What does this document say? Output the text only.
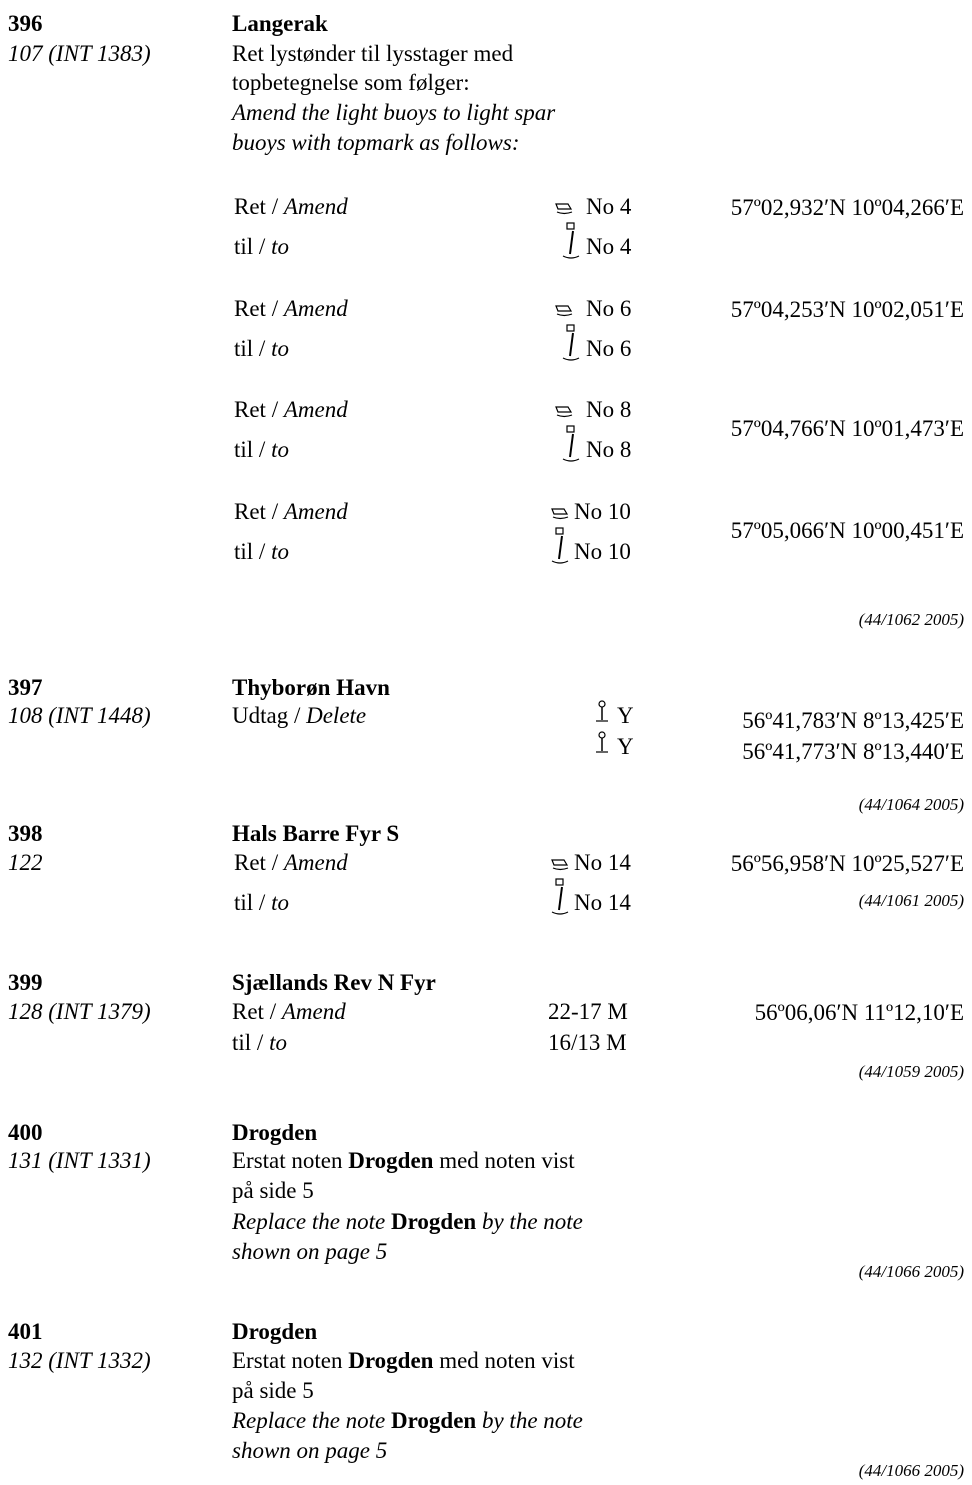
396
107 (INT 1383)
Langerak
Ret lystønder til lysstager med
topbetegnelse som følger:
Amend the light buoys to light spar
buoys with topmark as follows:
Ret / Amend
til / to
No 4
No 4
57º02,932′N 10º04,266′E
Ret / Amend
til / to
No 6
No 6
57º04,253′N 10º02,051′E
Ret / Amend
til / to
No 8
No 8
57º04,766′N 10º01,473′E
Ret / Amend
til / to
No 10
No 10
57º05,066′N 10º00,451′E
(44/1062 2005)
397
108 (INT 1448)
Thyborøn Havn
Udtag / Delete	Y
Y
56º41,783′N 8º13,425′E
56º41,773′N 8º13,440′E
(44/1064 2005)
398
122
Hals Barre Fyr S
Ret / Amend
til / to
No 14
No 14
56º56,958′N 10º25,527′E
(44/1061 2005)
399
128 (INT 1379)
Sjællands Rev N Fyr
Ret / Amend
til / to
22-17 M
16/13 M
56º06,06′N 11º12,10′E
(44/1059 2005)
400
131 (INT 1331)
Drogden
Erstat noten Drogden med noten vist
på side 5
Replace the note Drogden by the note
shown on page 5
(44/1066 2005)
401
132 (INT 1332)
Drogden
Erstat noten Drogden med noten vist
på side 5
Replace the note Drogden by the note
shown on page 5
(44/1066 2005)
